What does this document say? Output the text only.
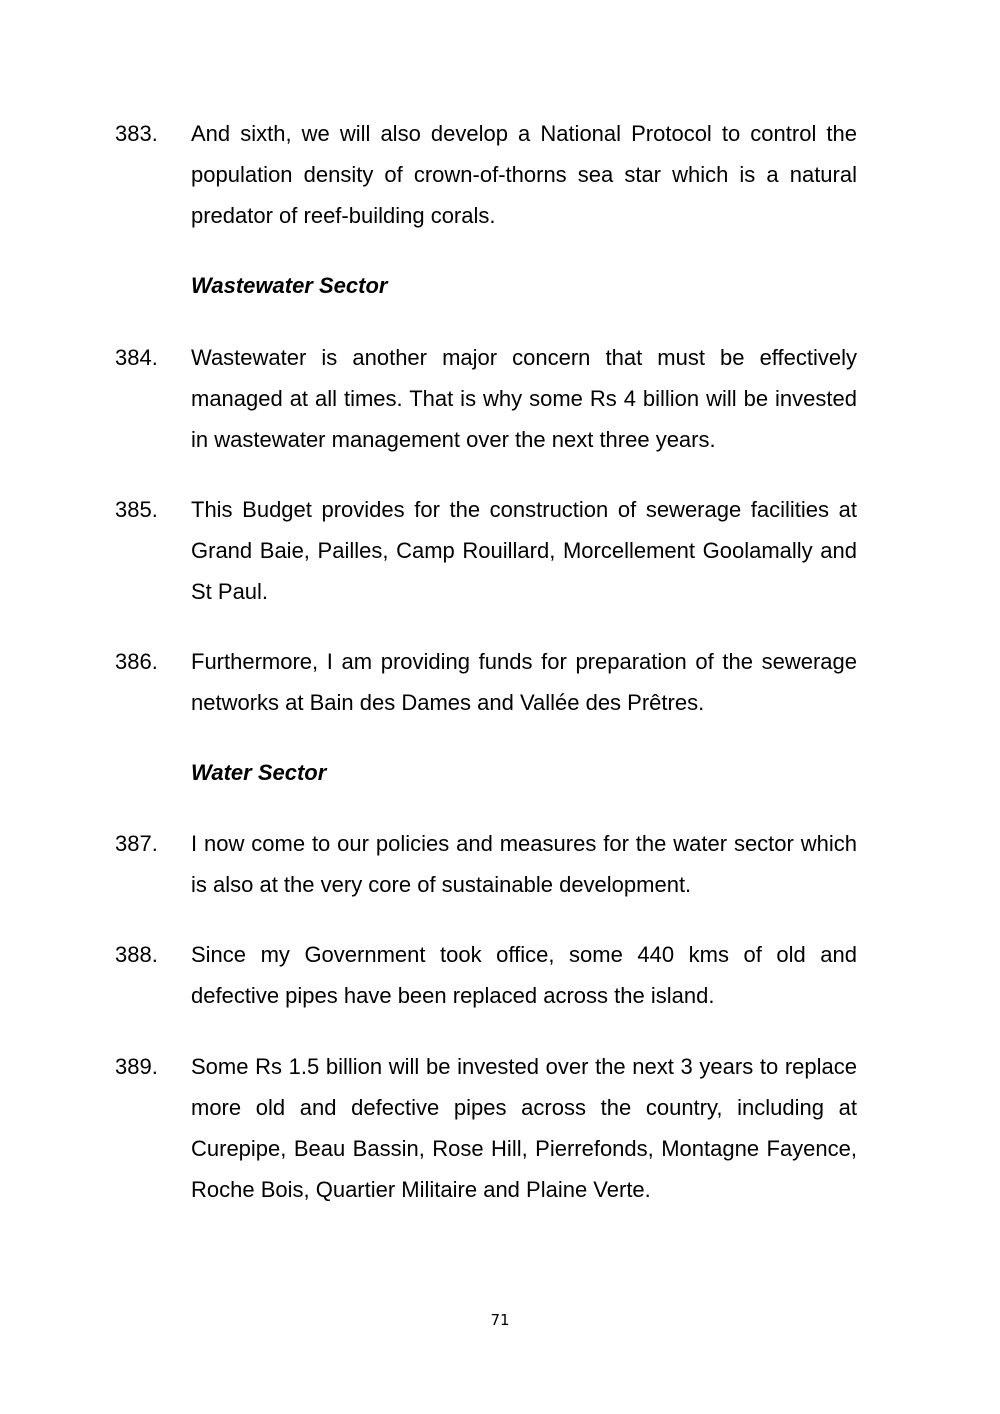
383.	And sixth, we will also develop a National Protocol to control the population density of crown-of-thorns sea star which is a natural predator of reef-building corals.
Wastewater Sector
384.	Wastewater is another major concern that must be effectively managed at all times. That is why some Rs 4 billion will be invested in wastewater management over the next three years.
385.	This Budget provides for the construction of sewerage facilities at Grand Baie, Pailles, Camp Rouillard, Morcellement Goolamally and St Paul.
386.	Furthermore, I am providing funds for preparation of the sewerage networks at Bain des Dames and Vallée des Prêtres.
Water Sector
387.	I now come to our policies and measures for the water sector which is also at the very core of sustainable development.
388.	Since my Government took office, some 440 kms of old and defective pipes have been replaced across the island.
389.	Some Rs 1.5 billion will be invested over the next 3 years to replace more old and defective pipes across the country, including at Curepipe, Beau Bassin, Rose Hill, Pierrefonds, Montagne Fayence, Roche Bois, Quartier Militaire and Plaine Verte.
71
